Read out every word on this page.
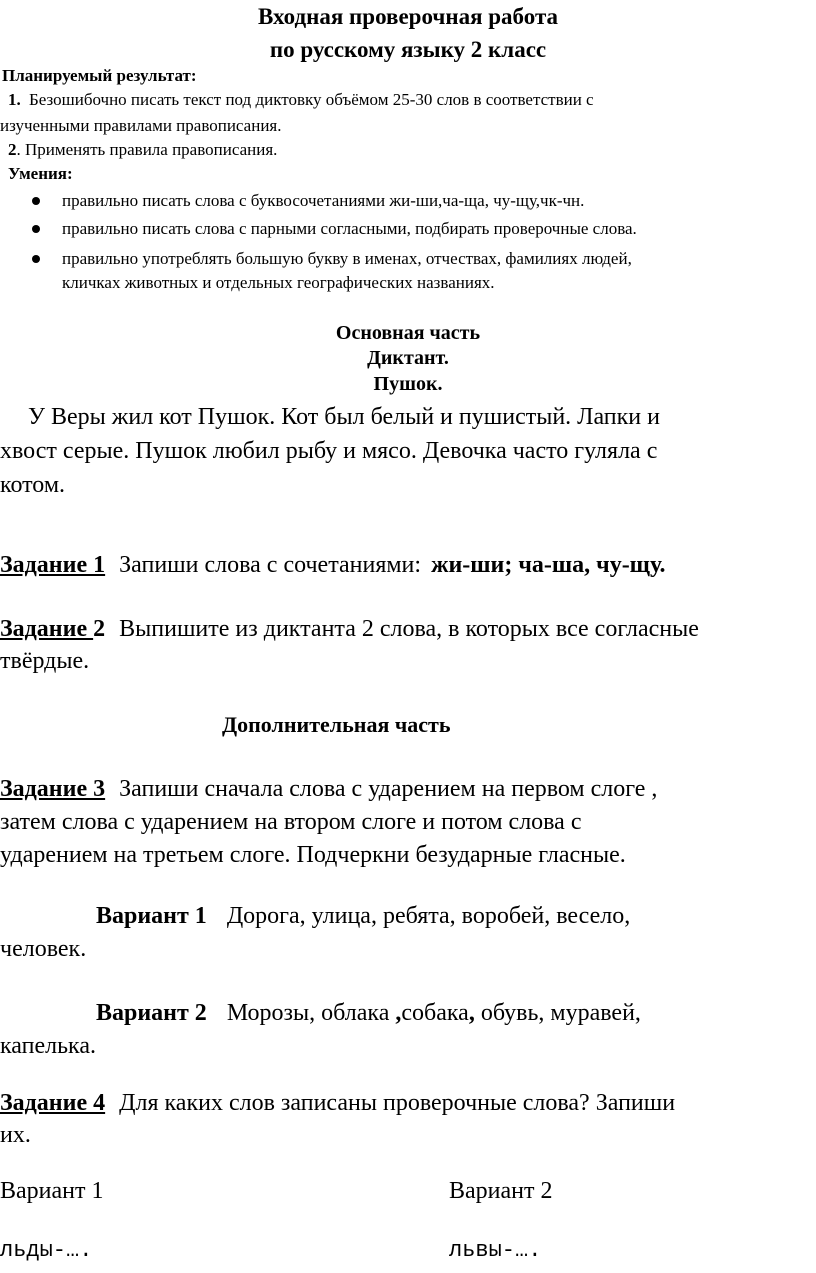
Входная проверочная работа
по русскому языку 2 класс
Планируемый результат:
1. Безошибочно писать текст под диктовку объёмом 25-30 слов в соответствии с
изученными правилами правописания.
2. Применять правила правописания.
Умения:
правильно писать слова с буквосочетаниями жи-ши,ча-ща, чу-щу,чк-чн.
правильно писать слова с парными согласными, подбирать проверочные слова.
правильно употреблять большую букву в именах, отчествах, фамилиях людей,
кличках животных и отдельных географических названиях.
Основная часть
Диктант.
Пушок.
У Веры жил кот Пушок. Кот был белый и пушистый. Лапки и
хвост серые. Пушок любил рыбу и мясо. Девочка часто гуляла с
котом.
Задание 1 Запиши слова с сочетаниями: жи-ши; ча-ша, чу-щу.
Задание 2 Выпишите из диктанта 2 слова, в которых все согласные
твёрдые.
Дополнительная часть
Задание 3 Запиши сначала слова с ударением на первом слоге ,
затем слова с ударением на втором слоге и потом слова с
ударением на третьем слоге. Подчеркни безударные гласные.
Вариант 1 Дорога, улица, ребята, воробей, весело,
человек.
Вариант 2 Морозы, облака ,собака, обувь, муравей,
капелька.
Задание 4 Для каких слов записаны проверочные слова? Запиши
их.
Вариант 1	Вариант 2
льды-….	львы-….
